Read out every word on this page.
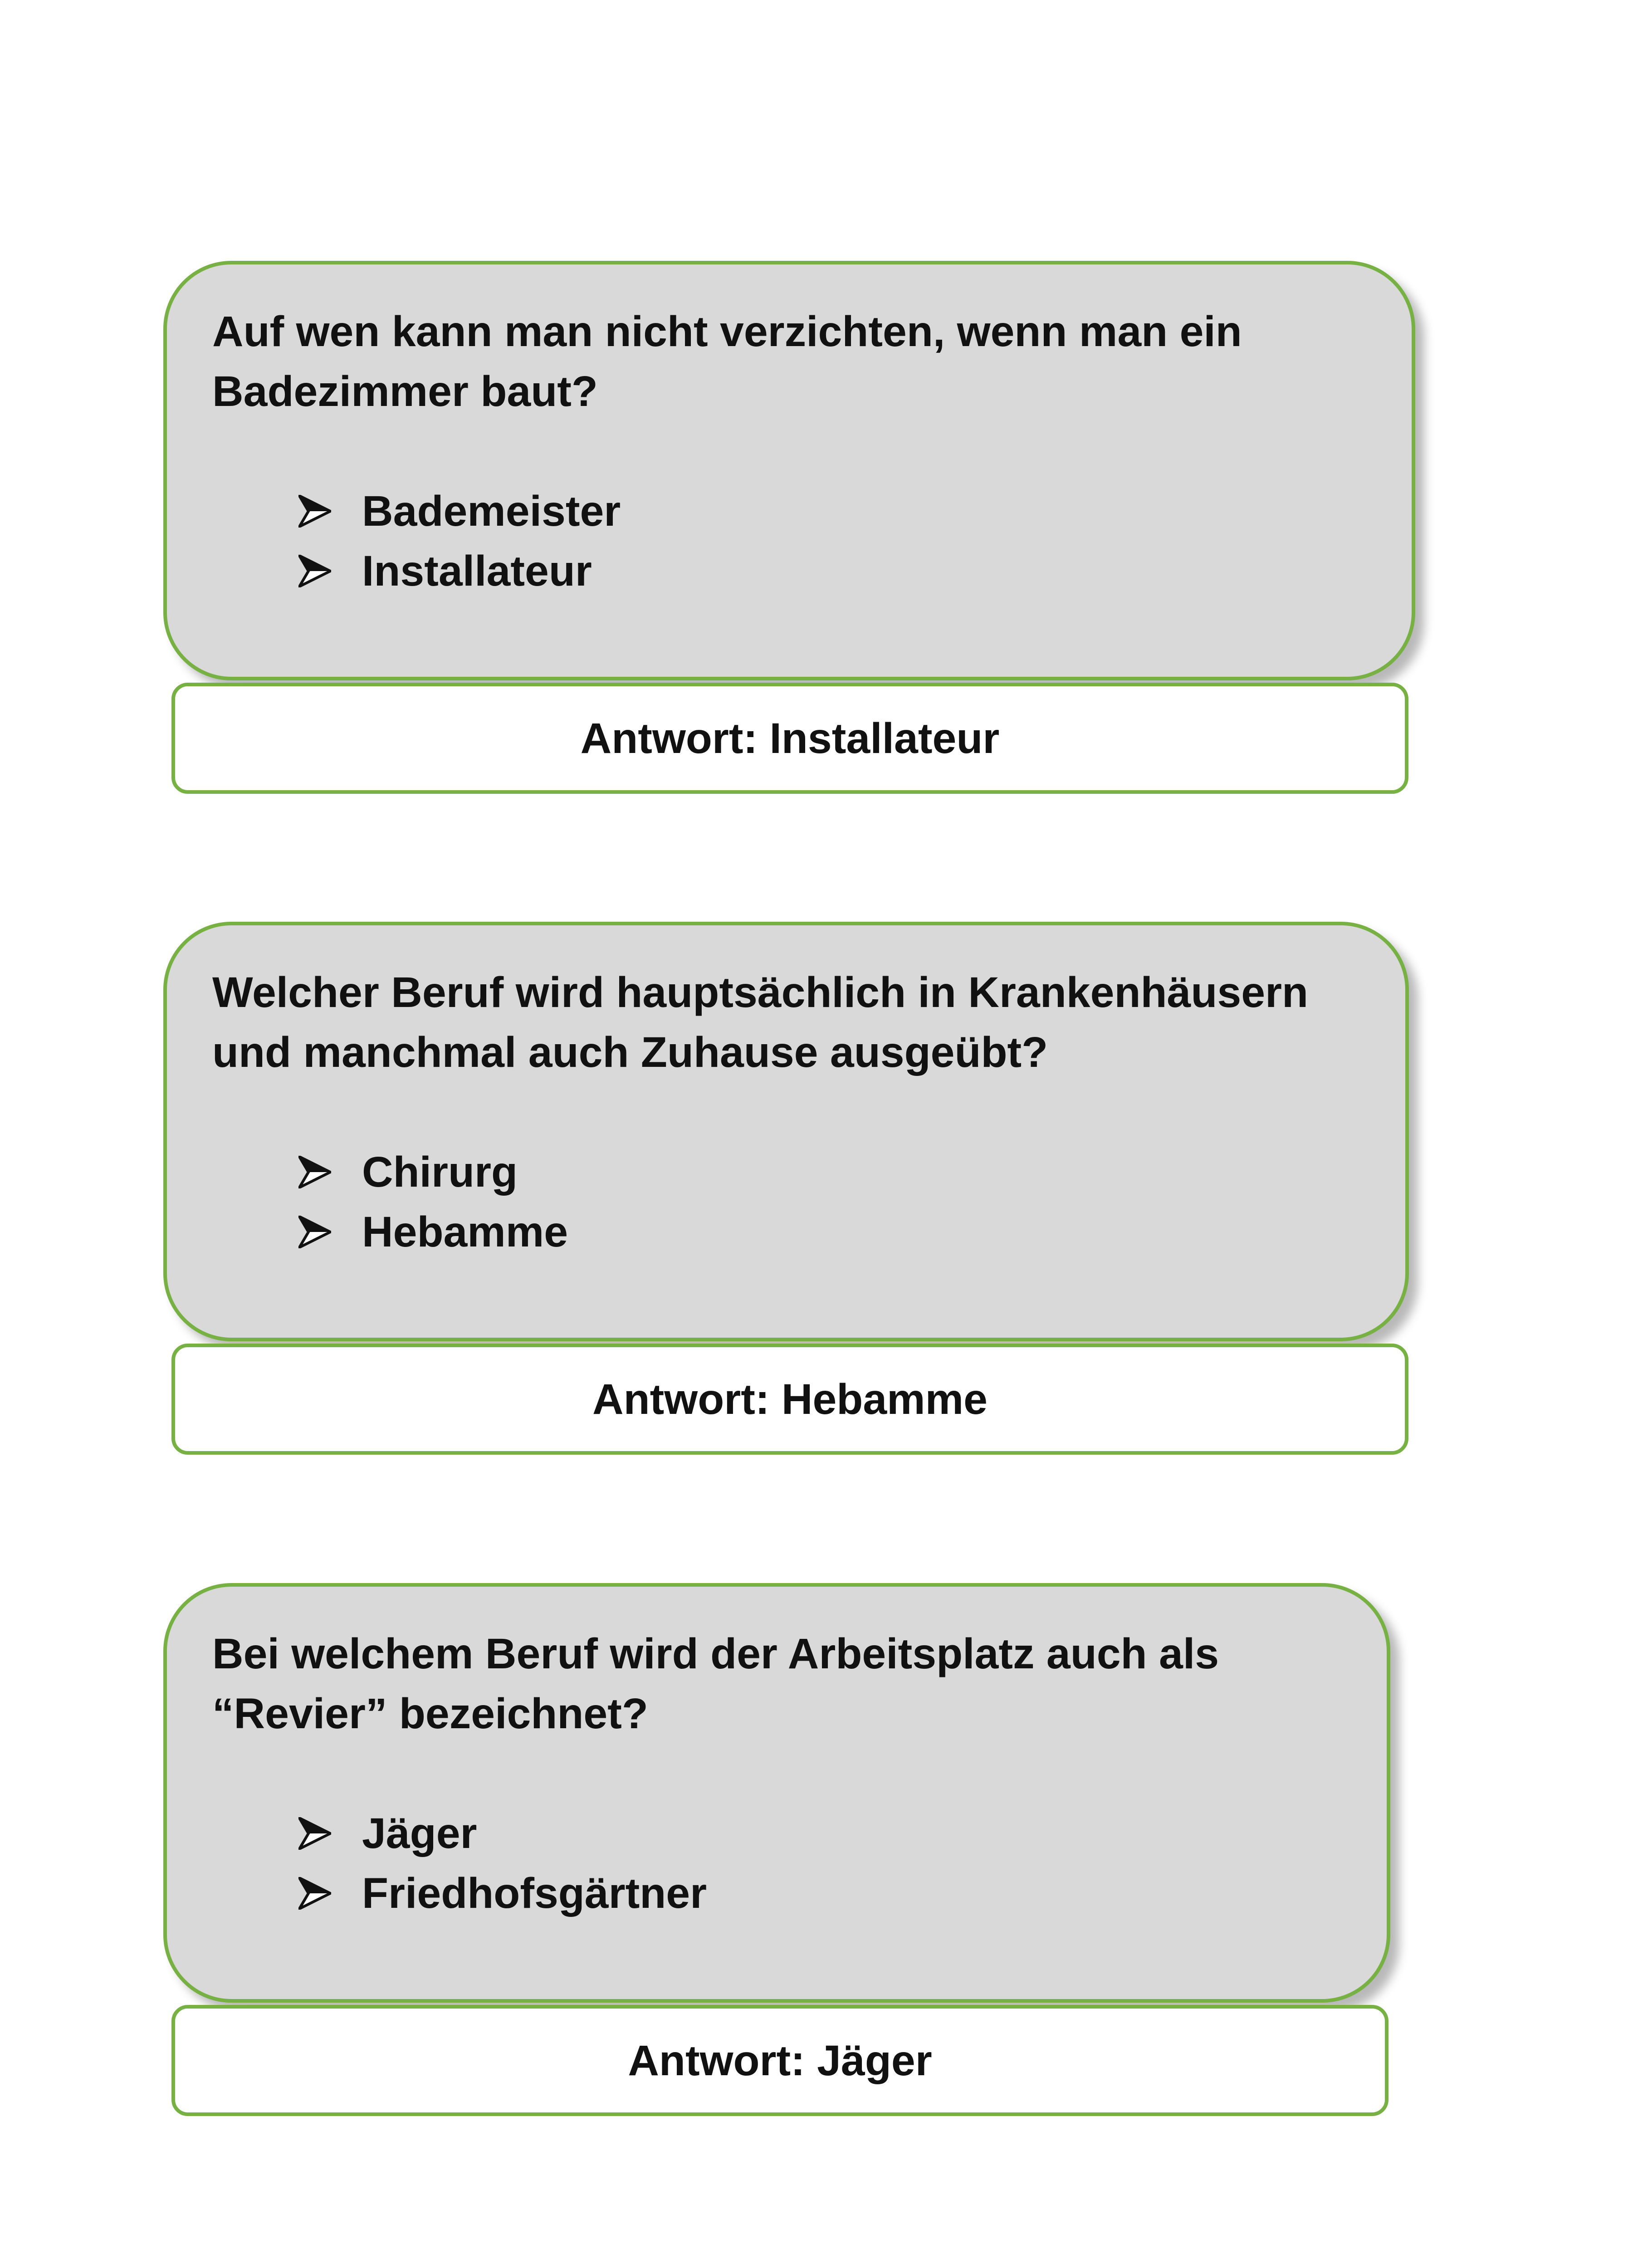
Auf wen kann man nicht verzichten, wenn man ein Badezimmer baut?

Bademeister
Installateur
Antwort: Installateur

Welcher Beruf wird hauptsächlich in Krankenhäusern und manchmal auch Zuhause ausgeübt?

Chirurg
Hebamme
Antwort: Hebamme

Bei welchem Beruf wird der Arbeitsplatz auch als “Revier” bezeichnet?

Jäger
Friedhofsgärtner
Antwort: Jäger
